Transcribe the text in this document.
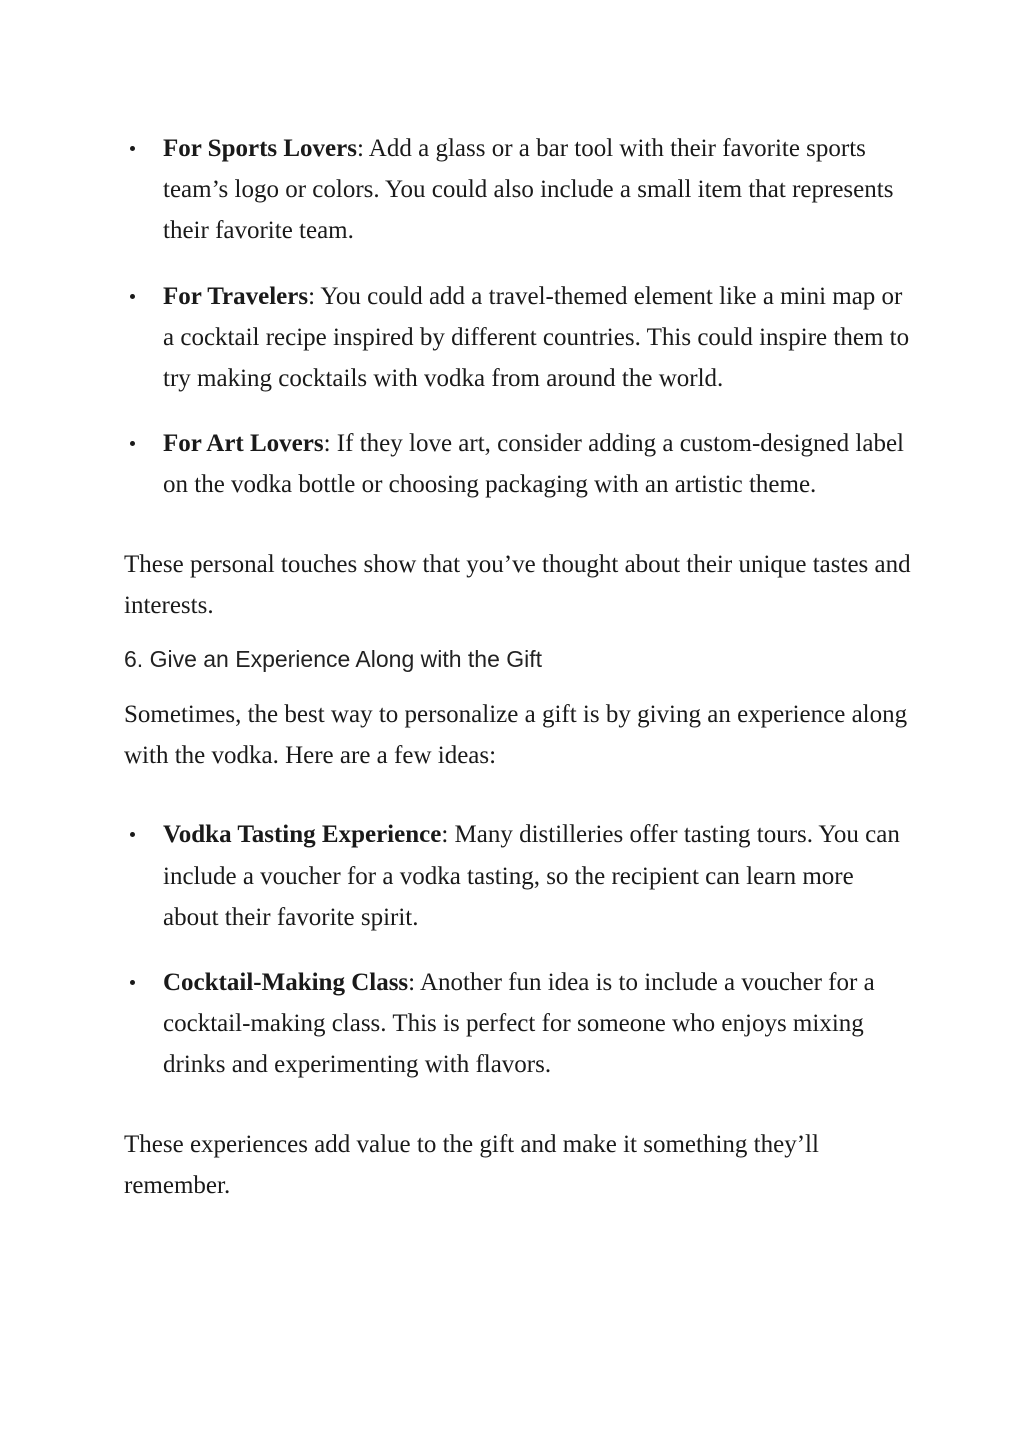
For Sports Lovers: Add a glass or a bar tool with their favorite sports team’s logo or colors. You could also include a small item that represents their favorite team.
For Travelers: You could add a travel-themed element like a mini map or a cocktail recipe inspired by different countries. This could inspire them to try making cocktails with vodka from around the world.
For Art Lovers: If they love art, consider adding a custom-designed label on the vodka bottle or choosing packaging with an artistic theme.

These personal touches show that you’ve thought about their unique tastes and interests.

6. Give an Experience Along with the Gift

Sometimes, the best way to personalize a gift is by giving an experience along with the vodka. Here are a few ideas:

Vodka Tasting Experience: Many distilleries offer tasting tours. You can include a voucher for a vodka tasting, so the recipient can learn more about their favorite spirit.
Cocktail-Making Class: Another fun idea is to include a voucher for a cocktail-making class. This is perfect for someone who enjoys mixing drinks and experimenting with flavors.

These experiences add value to the gift and make it something they’ll remember.
